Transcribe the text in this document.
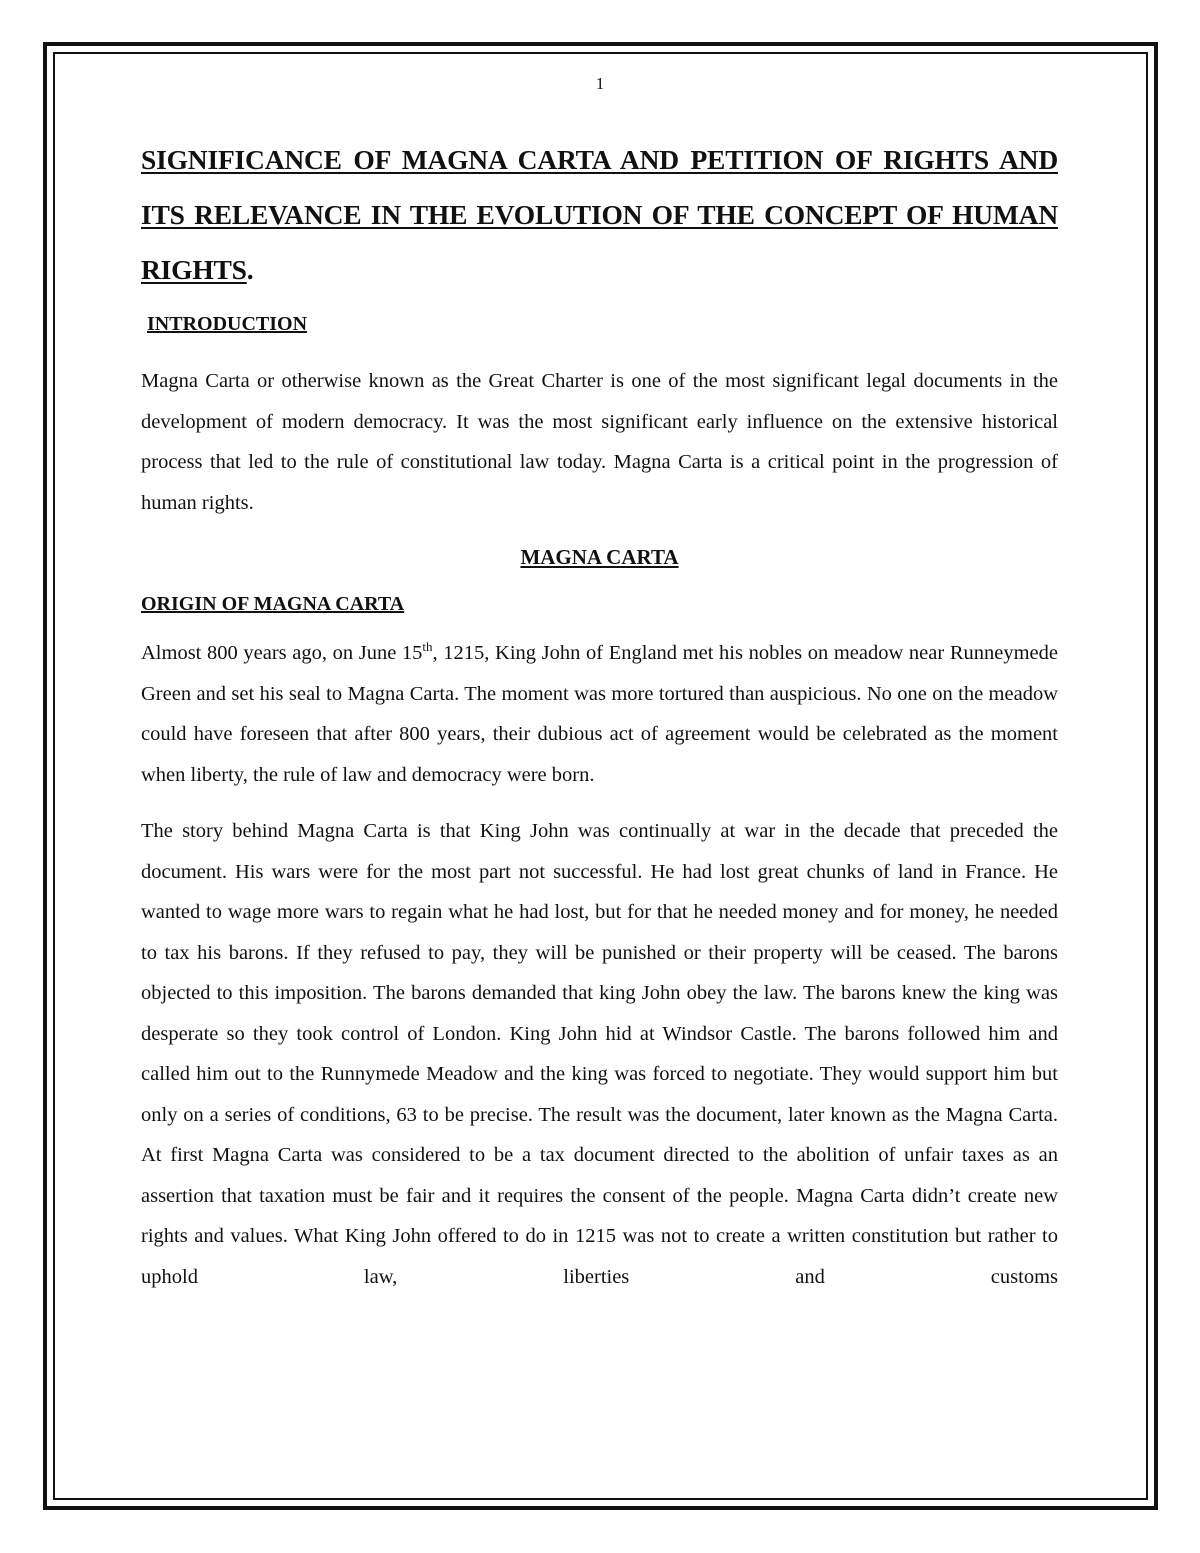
1
SIGNIFICANCE OF MAGNA CARTA AND PETITION OF RIGHTS AND ITS RELEVANCE IN THE EVOLUTION OF THE CONCEPT OF HUMAN RIGHTS.
INTRODUCTION

Magna Carta or otherwise known as the Great Charter is one of the most significant legal documents in the development of modern democracy. It was the most significant early influence on the extensive historical process that led to the rule of constitutional law today. Magna Carta is a critical point in the progression of human rights.

MAGNA CARTA
ORIGIN OF MAGNA CARTA

Almost 800 years ago, on June 15th, 1215, King John of England met his nobles on meadow near Runneymede Green and set his seal to Magna Carta. The moment was more tortured than auspicious. No one on the meadow could have foreseen that after 800 years, their dubious act of agreement would be celebrated as the moment when liberty, the rule of law and democracy were born.

The story behind Magna Carta is that King John was continually at war in the decade that preceded the document. His wars were for the most part not successful. He had lost great chunks of land in France. He wanted to wage more wars to regain what he had lost, but for that he needed money and for money, he needed to tax his barons. If they refused to pay, they will be punished or their property will be ceased. The barons objected to this imposition. The barons demanded that king John obey the law. The barons knew the king was desperate so they took control of London. King John hid at Windsor Castle. The barons followed him and called him out to the Runnymede Meadow and the king was forced to negotiate. They would support him but only on a series of conditions, 63 to be precise. The result was the document, later known as the Magna Carta. At first Magna Carta was considered to be a tax document directed to the abolition of unfair taxes as an assertion that taxation must be fair and it requires the consent of the people. Magna Carta didn’t create new rights and values. What King John offered to do in 1215 was not to create a written constitution but rather to uphold law, liberties and customs
